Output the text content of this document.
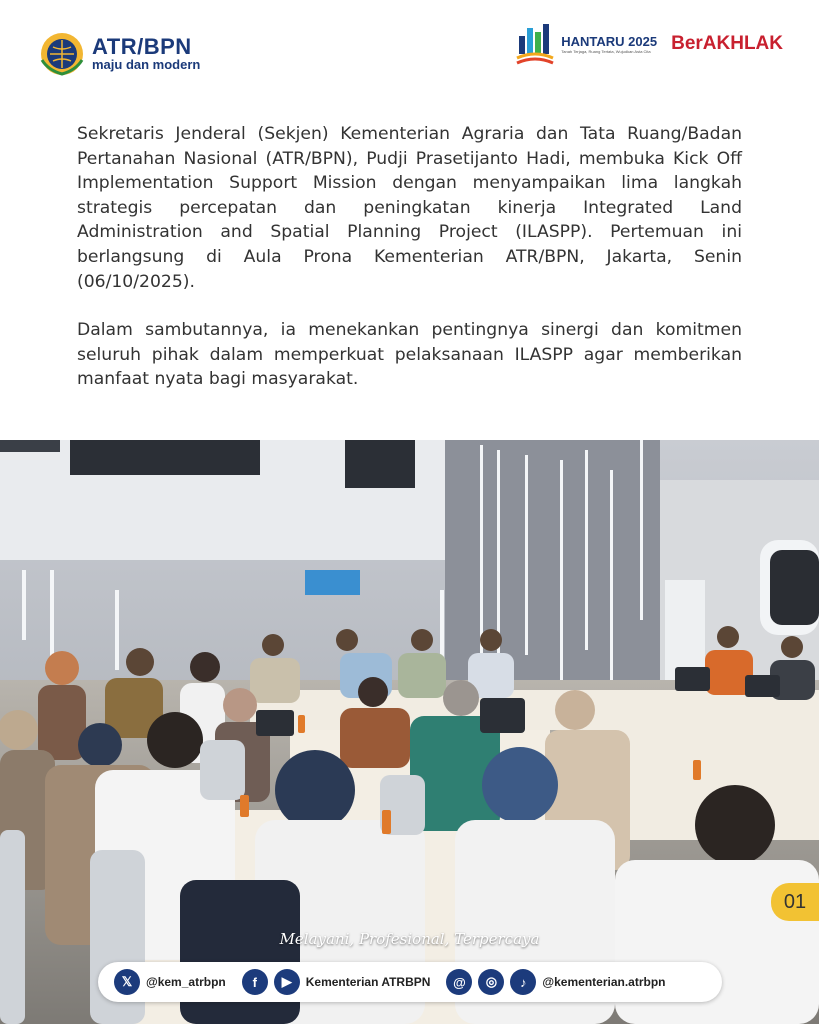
ATR/BPN
maju dan modern
HANTARU 2025
Tanah Terjaga, Ruang Tertata, Wujudkan Asta Cita	BerAKHLAK

Sekretaris Jenderal (Sekjen) Kementerian Agraria dan Tata Ruang/Badan Pertanahan Nasional (ATR/BPN), Pudji Prasetijanto Hadi, membuka Kick Off Implementation Support Mission dengan menyampaikan lima langkah strategis percepatan dan peningkatan kinerja Integrated Land Administration and Spatial Planning Project (ILASPP). Pertemuan ini berlangsung di Aula Prona Kementerian ATR/BPN, Jakarta, Senin (06/10/2025).

Dalam sambutannya, ia menekankan pentingnya sinergi dan komitmen seluruh pihak dalam memperkuat pelaksanaan ILASPP agar memberikan manfaat nyata bagi masyarakat.

01
Melayani, Profesional, Terpercaya
𝕏	@kem_atrbpn	f	▶	Kementerian ATRBPN	@	◎	♪	@kementerian.atrbpn
